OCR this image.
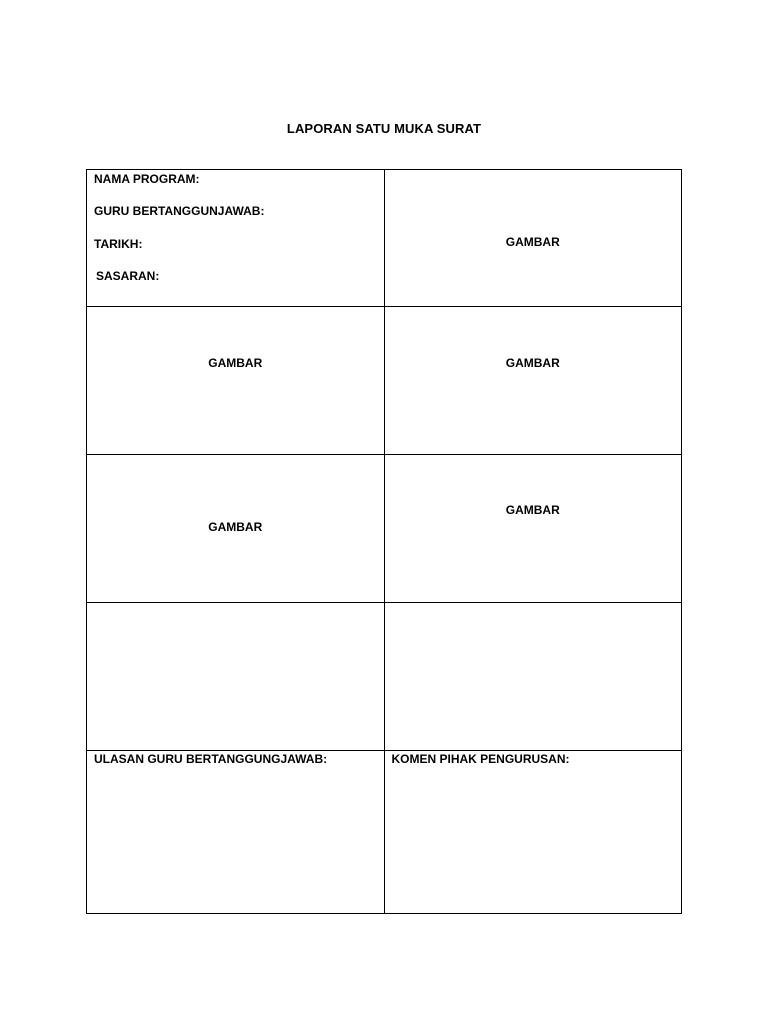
LAPORAN SATU MUKA SURAT
NAMA PROGRAM:
GURU BERTANGGUNJAWAB:
TARIKH:
SASARAN:	GAMBAR

GAMBAR	GAMBAR

GAMBAR	GAMBAR

ULASAN GURU BERTANGGUNGJAWAB:	KOMEN PIHAK PENGURUSAN:
